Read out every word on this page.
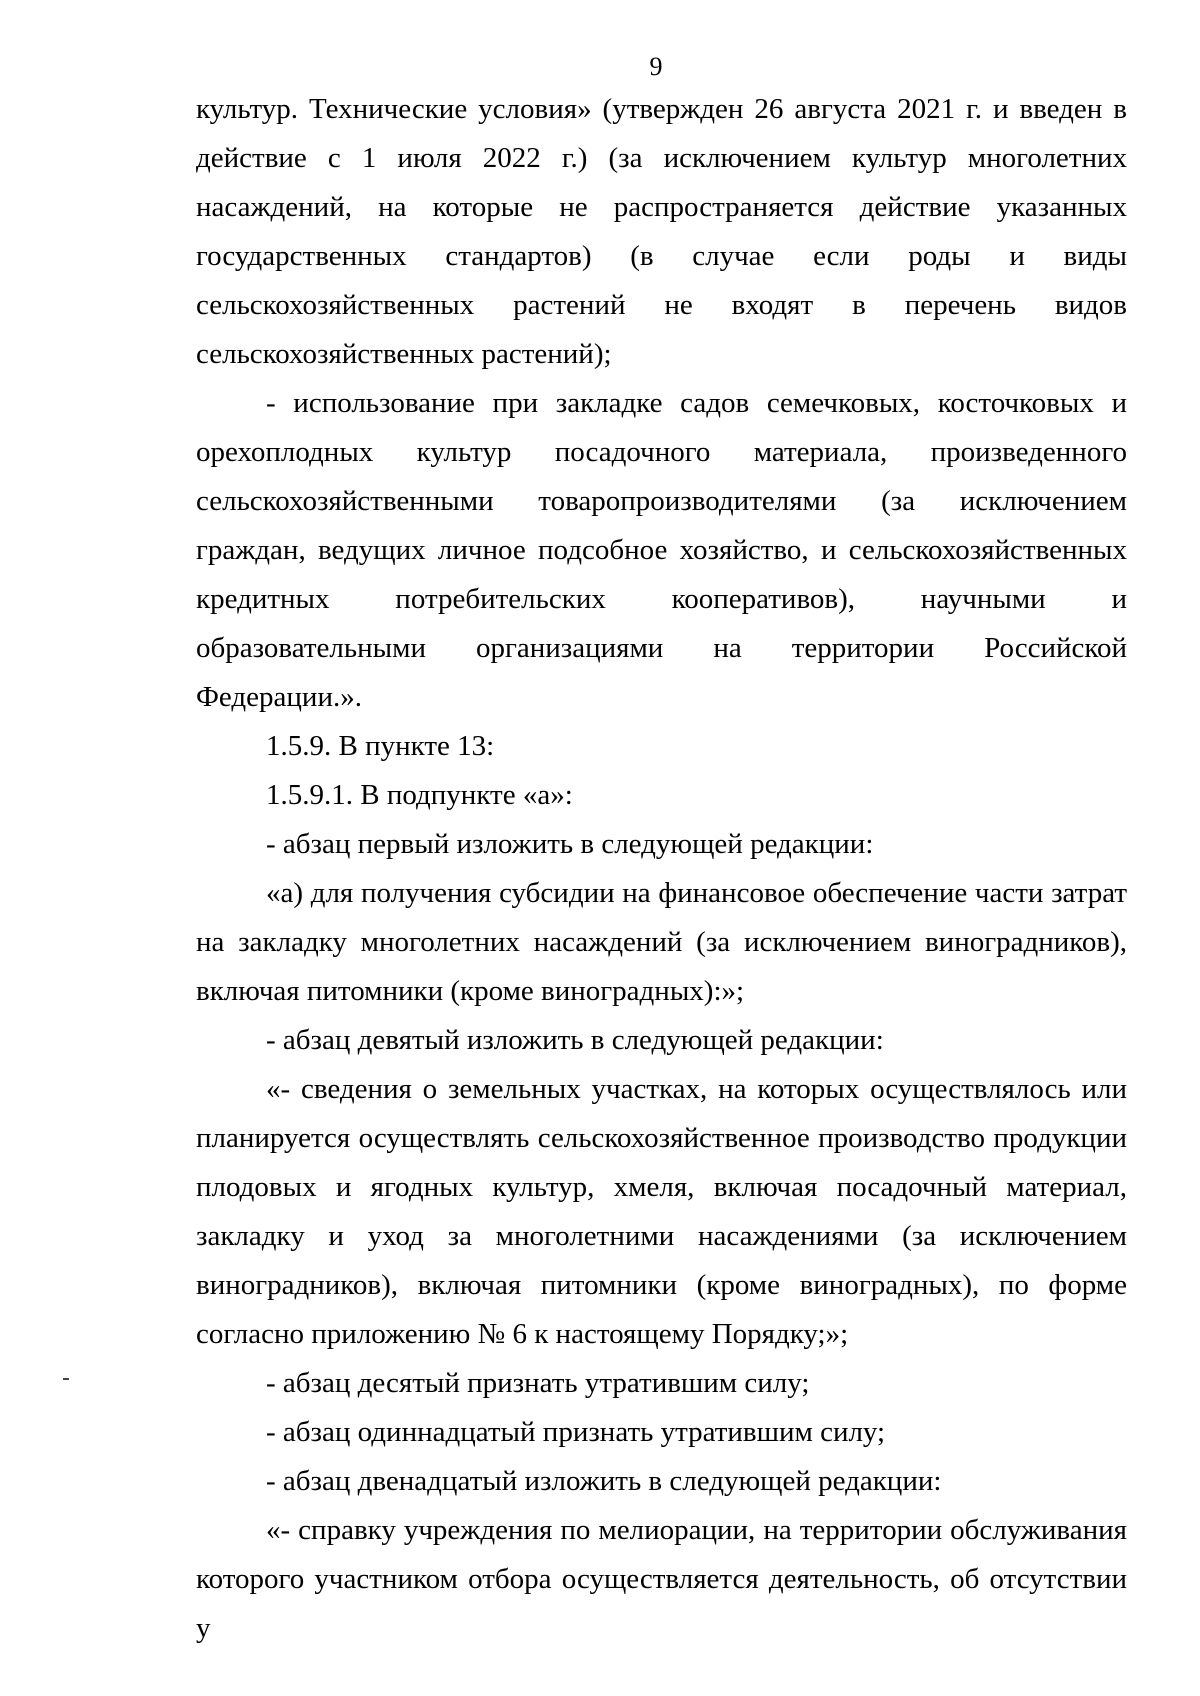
9

культур. Технические условия» (утвержден 26 августа 2021 г. и введен в действие с 1 июля 2022 г.) (за исключением культур многолетних насаждений, на которые не распространяется действие указанных государственных стандартов) (в случае если роды и виды сельскохозяйственных растений не входят в перечень видов сельскохозяйственных растений);

- использование при закладке садов семечковых, косточковых и орехоплодных культур посадочного материала, произведенного сельскохозяйственными товаропроизводителями (за исключением граждан, ведущих личное подсобное хозяйство, и сельскохозяйственных кредитных потребительских кооперативов), научными и образовательными организациями на территории Российской Федерации.».

1.5.9. В пункте 13:

1.5.9.1. В подпункте «а»:

- абзац первый изложить в следующей редакции:

«а) для получения субсидии на финансовое обеспечение части затрат на закладку многолетних насаждений (за исключением виноградников), включая питомники (кроме виноградных):»;

- абзац девятый изложить в следующей редакции:

«- сведения о земельных участках, на которых осуществлялось или планируется осуществлять сельскохозяйственное производство продукции плодовых и ягодных культур, хмеля, включая посадочный материал, закладку и уход за многолетними насаждениями (за исключением виноградников), включая питомники (кроме виноградных), по форме согласно приложению № 6 к настоящему Порядку;»;

- абзац десятый признать утратившим силу;

- абзац одиннадцатый признать утратившим силу;

- абзац двенадцатый изложить в следующей редакции:

«- справку учреждения по мелиорации, на территории обслуживания которого участником отбора осуществляется деятельность, об отсутствии у
